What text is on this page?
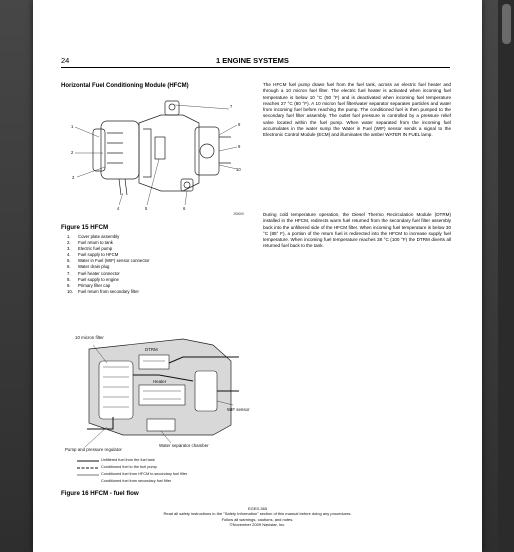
24	1 ENGINE SYSTEMS
Horizontal Fuel Conditioning Module (HFCM)
1
2
3
4	5	6
7
8
9
10
JS4000
Figure 15 HFCM
1. Cover plate assembly
2. Fuel return to tank
3. Electric fuel pump
4. Fuel supply to HFCM
5. Water in Fuel (WIF) sensor connector
6. Water drain plug
7. Fuel heater connector
8. Fuel supply to engine
9. Primary filter cap
10. Fuel return from secondary filter

The HFCM fuel pump draws fuel from the fuel tank, across an electric fuel heater and through a 10 micron fuel filter. The electric fuel heater is activated when incoming fuel temperature is below 10 °C (50 °F) and is deactivated when incoming fuel temperature reaches 27 °C (80 °F). A 10 micron fuel filter/water separator separates particles and water from incoming fuel before reaching the pump. The conditioned fuel is then pumped to the secondary fuel filter assembly. The outlet fuel pressure is controlled by a pressure relief valve located within the fuel pump. When water separated from the incoming fuel accumulates in the water sump the Water in Fuel (WIF) sensor sends a signal to the Electronic Control Module (ECM) and illuminates the amber WATER IN FUEL lamp.

During cold temperature operation, the Diesel Thermo Recirculation Module (DTRM) installed in the HFCM, redirects warm fuel returned from the secondary fuel filter assembly back into the unfiltered side of the HFCM filter. When incoming fuel temperature is below 30 °C (85° F), a portion of the return fuel is redirected into the HFCM to increase supply fuel temperature. When incoming fuel temperature reaches 38 °C (100 °F) the DTRM diverts all returned fuel back to the tank.

10 micron filter
DTRM
Heater
WIF sensor
Pump and pressure regulator
Water separator chamber
Unfiltered fuel from the fuel tank
Conditioned fuel to the fuel pump
Conditioned fuel from HFCM to secondary fuel filter
Conditioned fuel from secondary fuel filter
Figure 16 HFCM - fuel flow
EGES-365
Read all safety instructions in the "Safety Information" section of this manual before doing any procedures.
Follow all warnings, cautions, and notes.
©November 2009 Navistar, Inc.
